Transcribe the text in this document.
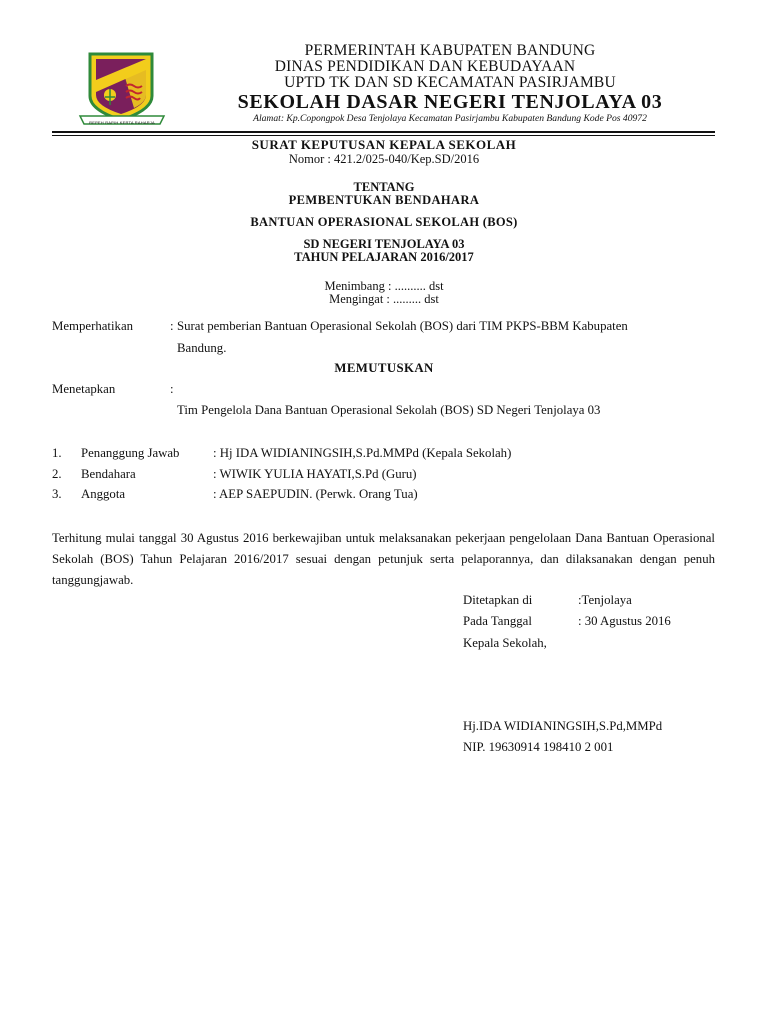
REPEH RAPIH KERTA RAHARJA
PERMERINTAH KABUPATEN BANDUNG
DINAS PENDIDIKAN DAN KEBUDAYAAN
UPTD TK DAN SD KECAMATAN PASIRJAMBU
SEKOLAH DASAR NEGERI TENJOLAYA 03
Alamat: Kp.Copongpok Desa Tenjolaya Kecamatan Pasirjambu Kabupaten Bandung Kode Pos 40972
SURAT KEPUTUSAN KEPALA SEKOLAH
Nomor : 421.2/025-040/Kep.SD/2016
TENTANG
PEMBENTUKAN BENDAHARA
BANTUAN OPERASIONAL SEKOLAH (BOS)
SD NEGERI TENJOLAYA 03
TAHUN PELAJARAN 2016/2017
Menimbang : .......... dst
Mengingat : ......... dst
Memperhatikan	: Surat pemberian Bantuan Operasional Sekolah (BOS) dari TIM PKPS-BBM Kabupaten
Bandung.
MEMUTUSKAN
Menetapkan	:
Tim Pengelola Dana Bantuan Operasional Sekolah (BOS) SD Negeri Tenjolaya 03
1. Penanggung Jawab	: Hj IDA WIDIANINGSIH,S.Pd.MMPd (Kepala Sekolah)
2. Bendahara	: WIWIK YULIA HAYATI,S.Pd (Guru)
3. Anggota	: AEP SAEPUDIN. (Perwk. Orang Tua)
Terhitung mulai tanggal 30 Agustus 2016 berkewajiban untuk melaksanakan pekerjaan pengelolaan Dana Bantuan Operasional Sekolah (BOS) Tahun Pelajaran 2016/2017 sesuai dengan petunjuk serta pelaporannya, dan dilaksanakan dengan penuh tanggungjawab.
Ditetapkan di	:Tenjolaya
Pada Tanggal	: 30 Agustus 2016
Kepala Sekolah,
Hj.IDA WIDIANINGSIH,S.Pd,MMPd
NIP. 19630914 198410 2 001
